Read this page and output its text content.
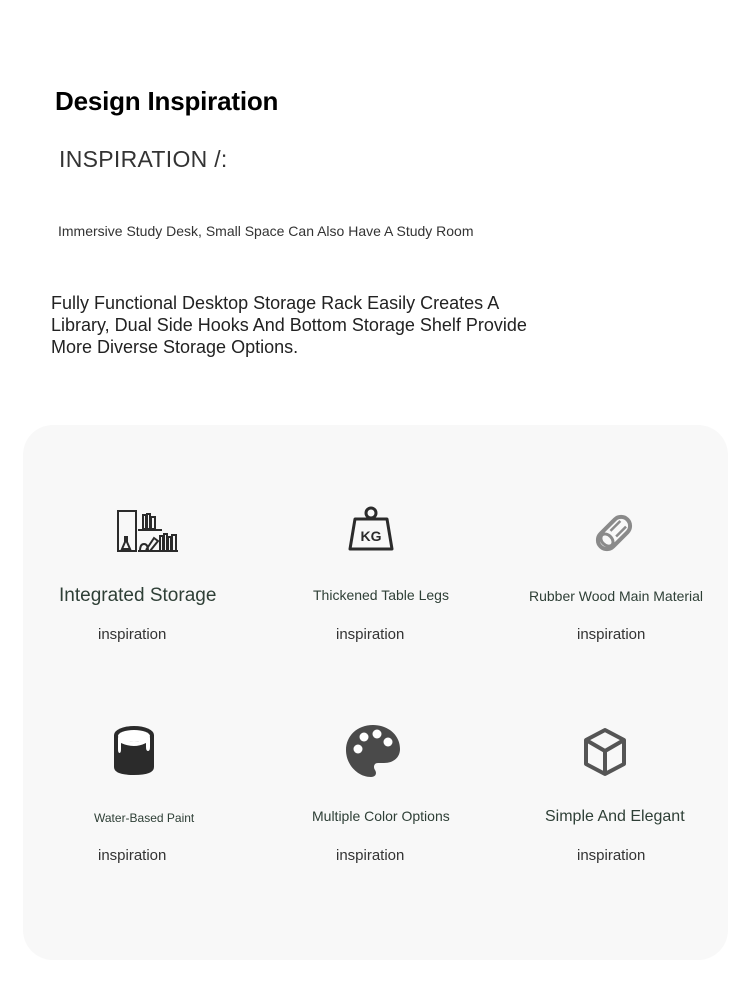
Design Inspiration
INSPIRATION /:
Immersive Study Desk, Small Space Can Also Have A Study Room
Fully Functional Desktop Storage Rack Easily Creates A Library, Dual Side Hooks And Bottom Storage Shelf Provide More Diverse Storage Options.
Integrated Storage
inspiration
KG
Thickened Table Legs
inspiration
Rubber Wood Main Material
inspiration
Water-Based Paint
inspiration
Multiple Color Options
inspiration
Simple And Elegant
inspiration
